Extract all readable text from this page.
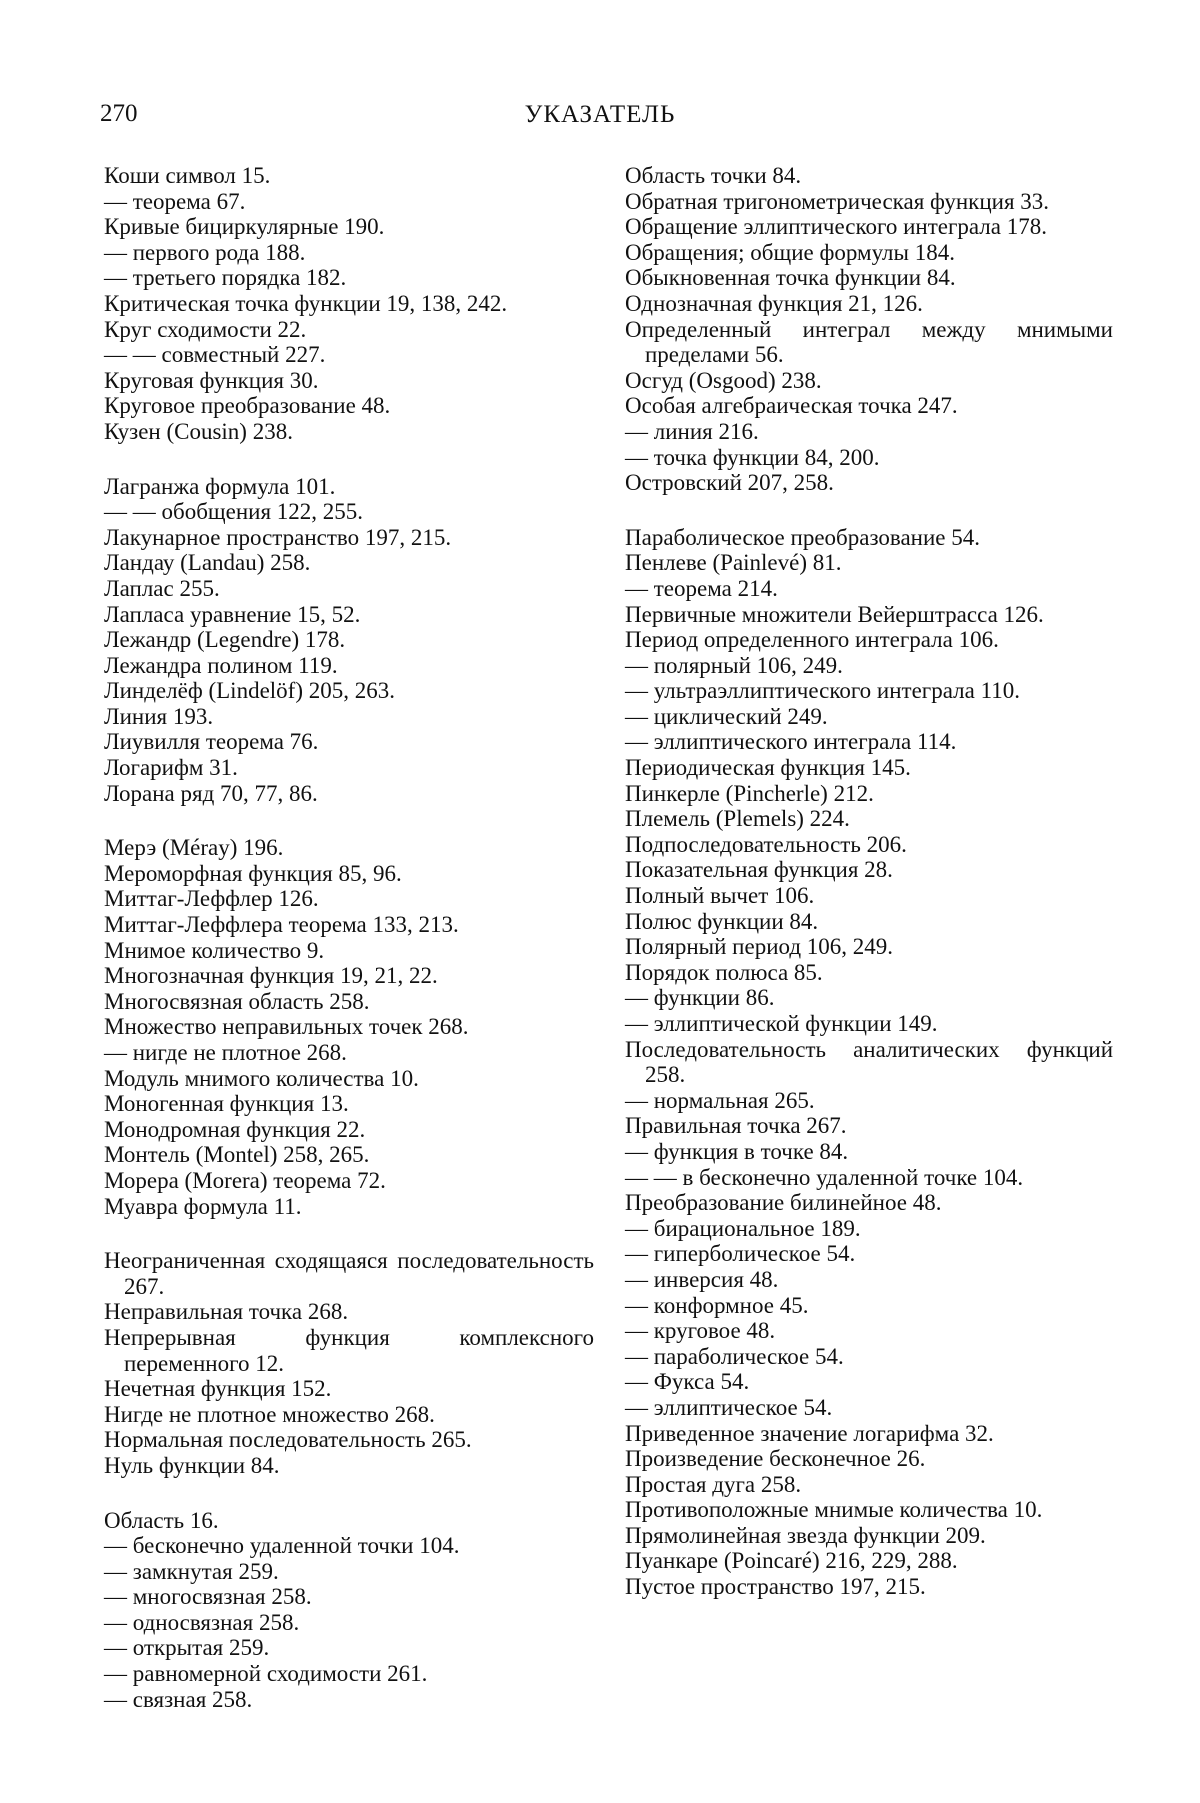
270	УКАЗАТЕЛЬ
Коши символ 15.
— теорема 67.
Кривые бициркулярные 190.
— первого рода 188.
— третьего порядка 182.
Критическая точка функции 19, 138, 242.
Круг сходимости 22.
— — совместный 227.
Круговая функция 30.
Круговое преобразование 48.
Кузен (Cousin) 238.
Лагранжа формула 101.
— — обобщения 122, 255.
Лакунарное пространство 197, 215.
Ландау (Landau) 258.
Лаплас 255.
Лапласа уравнение 15, 52.
Лежандр (Legendre) 178.
Лежандра полином 119.
Линделёф (Lindelöf) 205, 263.
Линия 193.
Лиувилля теорема 76.
Логарифм 31.
Лорана ряд 70, 77, 86.
Мерэ (Méray) 196.
Мероморфная функция 85, 96.
Миттаг-Леффлер 126.
Миттаг-Леффлера теорема 133, 213.
Мнимое количество 9.
Многозначная функция 19, 21, 22.
Многосвязная область 258.
Множество неправильных точек 268.
— нигде не плотное 268.
Модуль мнимого количества 10.
Моногенная функция 13.
Монодромная функция 22.
Монтель (Montel) 258, 265.
Морера (Morera) теорема 72.
Муавра формула 11.
Неограниченная сходящаяся последовательность 267.
Неправильная точка 268.
Непрерывная функция комплексного переменного 12.
Нечетная функция 152.
Нигде не плотное множество 268.
Нормальная последовательность 265.
Нуль функции 84.
Область 16.
— бесконечно удаленной точки 104.
— замкнутая 259.
— многосвязная 258.
— односвязная 258.
— открытая 259.
— равномерной сходимости 261.
— связная 258.
Область точки 84.
Обратная тригонометрическая функция 33.
Обращение эллиптического интеграла 178.
Обращения; общие формулы 184.
Обыкновенная точка функции 84.
Однозначная функция 21, 126.
Определенный интеграл между мнимыми пределами 56.
Осгуд (Osgood) 238.
Особая алгебраическая точка 247.
— линия 216.
— точка функции 84, 200.
Островский 207, 258.
Параболическое преобразование 54.
Пенлеве (Painlevé) 81.
— теорема 214.
Первичные множители Вейерштрасса 126.
Период определенного интеграла 106.
— полярный 106, 249.
— ультраэллиптического интеграла 110.
— циклический 249.
— эллиптического интеграла 114.
Периодическая функция 145.
Пинкерле (Pincherle) 212.
Племель (Plemels) 224.
Подпоследовательность 206.
Показательная функция 28.
Полный вычет 106.
Полюс функции 84.
Полярный период 106, 249.
Порядок полюса 85.
— функции 86.
— эллиптической функции 149.
Последовательность аналитических функций 258.
— нормальная 265.
Правильная точка 267.
— функция в точке 84.
— — в бесконечно удаленной точке 104.
Преобразование билинейное 48.
— бирациональное 189.
— гиперболическое 54.
— инверсия 48.
— конформное 45.
— круговое 48.
— параболическое 54.
— Фукса 54.
— эллиптическое 54.
Приведенное значение логарифма 32.
Произведение бесконечное 26.
Простая дуга 258.
Противоположные мнимые количества 10.
Прямолинейная звезда функции 209.
Пуанкаре (Poincaré) 216, 229, 288.
Пустое пространство 197, 215.
